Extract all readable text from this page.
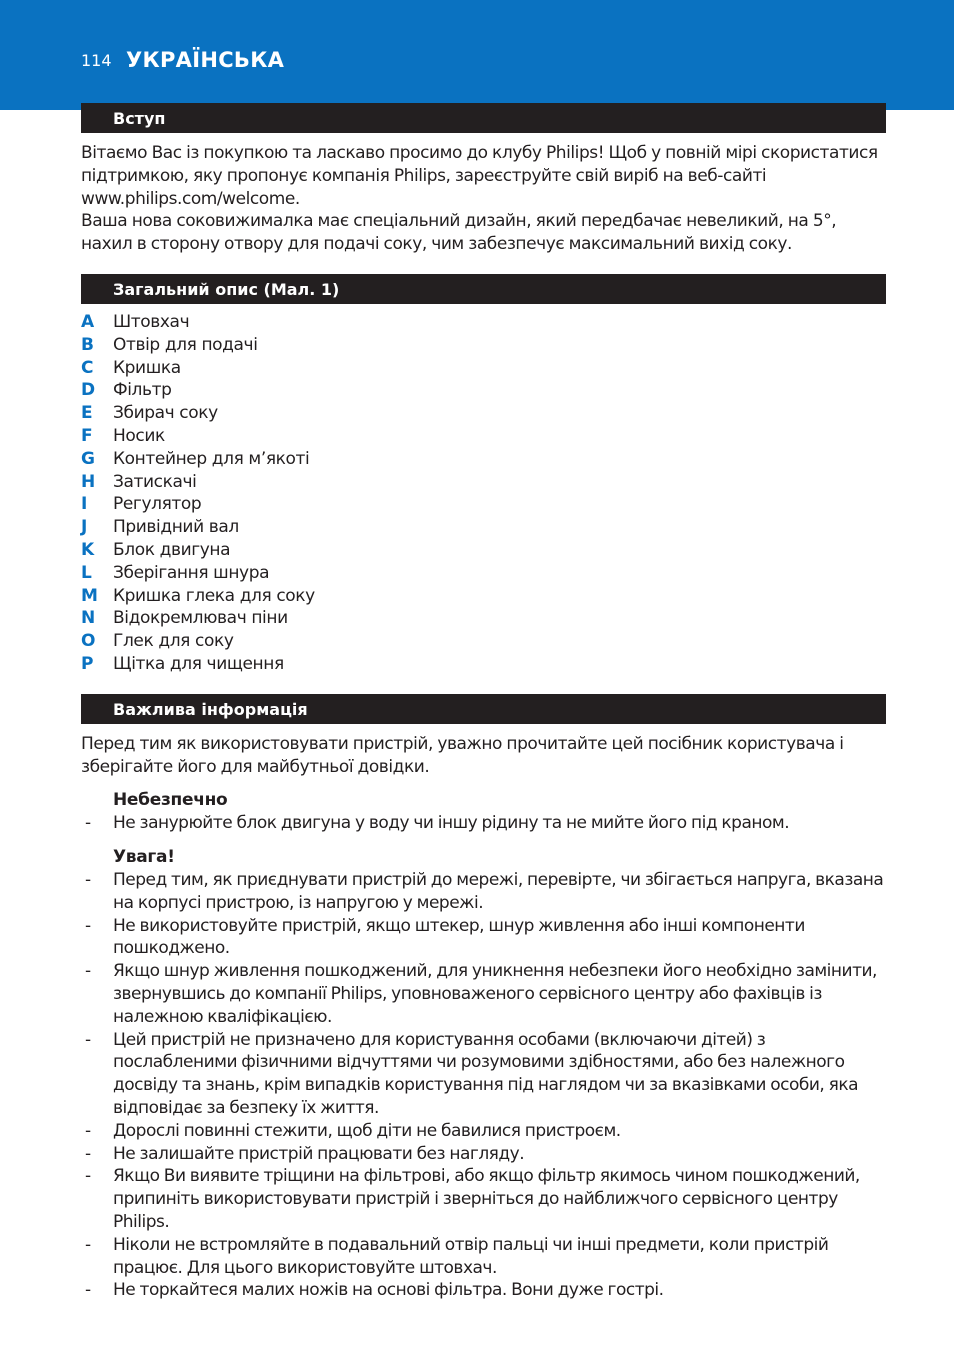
114 УКРАЇНСЬКА
Вступ

Вітаємо Вас із покупкою та ласкаво просимо до клубу Philips! Щоб у повній мірі скористатися підтримкою, яку пропонує компанія Philips, зареєструйте свій виріб на веб-сайті www.philips.com/welcome.

Ваша нова соковижималка має спеціальний дизайн, який передбачає невеликий, на 5°, нахил в сторону отвору для подачі соку, чим забезпечує максимальний вихід соку.

Загальний опис (Мал. 1)
A Штовхач
B Отвір для подачі
C Кришка
D Фільтр
E Збирач соку
F Носик
G Контейнер для м’якоті
H Затискачі
I Регулятор
J Привідний вал
K Блок двигуна
L Зберігання шнура
M Кришка глека для соку
N Відокремлювач піни
O Глек для соку
P Щітка для чищення
Важлива інформація

Перед тим як використовувати пристрій, уважно прочитайте цей посібник користувача і зберігайте його для майбутньої довідки.

Небезпечно
- Не занурюйте блок двигуна у воду чи іншу рідину та не мийте його під краном.
Увага!
- Перед тим, як приєднувати пристрій до мережі, перевірте, чи збігається напруга, вказана на корпусі пристрою, із напругою у мережі.
- Не використовуйте пристрій, якщо штекер, шнур живлення або інші компоненти пошкоджено.
- Якщо шнур живлення пошкоджений, для уникнення небезпеки його необхідно замінити, звернувшись до компанії Philips, уповноваженого сервісного центру або фахівців із належною кваліфікацією.
- Цей пристрій не призначено для користування особами (включаючи дітей) з послабленими фізичними відчуттями чи розумовими здібностями, або без належного досвіду та знань, крім випадків користування під наглядом чи за вказівками особи, яка відповідає за безпеку їх життя.
- Дорослі повинні стежити, щоб діти не бавилися пристроєм.
- Не залишайте пристрій працювати без нагляду.
- Якщо Ви виявите тріщини на фільтрові, або якщо фільтр якимось чином пошкоджений, припиніть використовувати пристрій і зверніться до найближчого сервісного центру Philips.
- Ніколи не встромляйте в подавальний отвір пальці чи інші предмети, коли пристрій працює. Для цього використовуйте штовхач.
- Не торкайтеся малих ножів на основі фільтра. Вони дуже гострі.
